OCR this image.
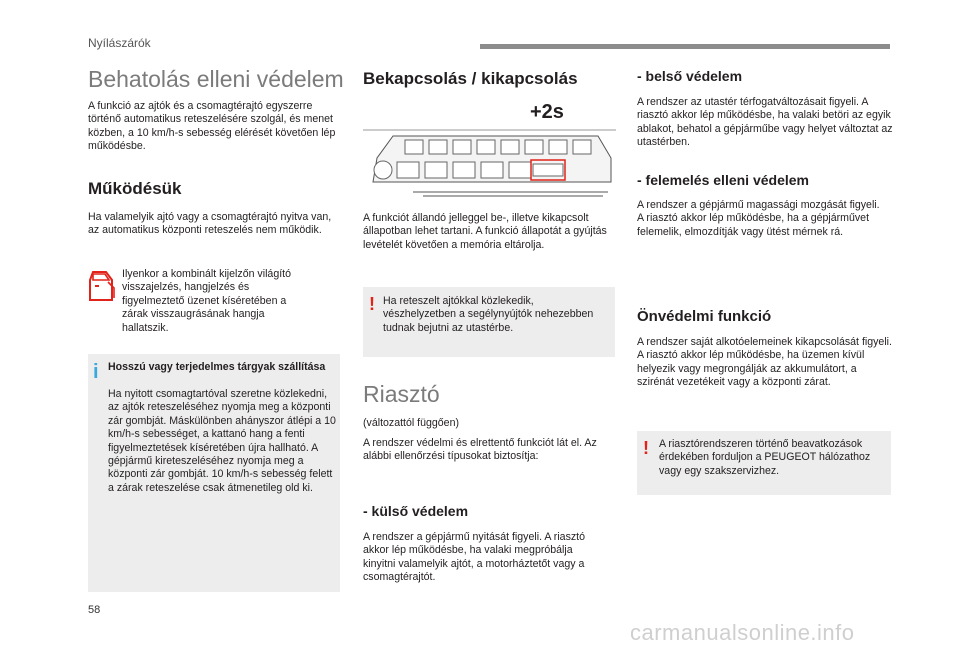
Nyílászárók
Behatolás elleni védelem

A funkció az ajtók és a csomagtérajtó egyszerre történő automatikus reteszelésére szolgál, és menet közben, a 10 km/h-s sebesség elérését követően lép működésbe.

Működésük

Ha valamelyik ajtó vagy a csomagtérajtó nyitva van, az automatikus központi reteszelés nem működik.

Ilyenkor a kombinált kijelzőn világító visszajelzés, hangjelzés és figyelmeztető üzenet kíséretében a zárak visszaugrásának hangja hallatszik.

i Hosszú vagy terjedelmes tárgyak szállítása

Ha nyitott csomagtartóval szeretne közlekedni, az ajtók reteszeléséhez nyomja meg a központi zár gombját. Máskülönben ahányszor átlépi a 10 km/h-s sebességet, a kattanó hang a fenti figyelmeztetések kíséretében újra hallható. A gépjármű kireteszeléséhez nyomja meg a központi zár gombját. 10 km/h-s sebesség felett a zárak reteszelése csak átmenetileg old ki.

Bekapcsolás / kikapcsolás
+2s

A funkciót állandó jelleggel be-, illetve kikapcsolt állapotban lehet tartani. A funkció állapotát a gyújtás levételét követően a memória eltárolja.

! Ha reteszelt ajtókkal közlekedik, vészhelyzetben a segélynyújtók nehezebben tudnak bejutni az utastérbe.

Riasztó

(változattól függően)

A rendszer védelmi és elrettentő funkciót lát el. Az alábbi ellenőrzési típusokat biztosítja:

- külső védelem

A rendszer a gépjármű nyitását figyeli. A riasztó akkor lép működésbe, ha valaki megpróbálja kinyitni valamelyik ajtót, a motorháztetőt vagy a csomagtérajtót.

- belső védelem

A rendszer az utastér térfogatváltozásait figyeli. A riasztó akkor lép működésbe, ha valaki betöri az egyik ablakot, behatol a gépjárműbe vagy helyet változtat az utastérben.

- felemelés elleni védelem

A rendszer a gépjármű magassági mozgását figyeli. A riasztó akkor lép működésbe, ha a gépjárművet felemelik, elmozdítják vagy ütést mérnek rá.

Önvédelmi funkció

A rendszer saját alkotóelemeinek kikapcsolását figyeli. A riasztó akkor lép működésbe, ha üzemen kívül helyezik vagy megrongálják az akkumulátort, a szirénát vezetékeit vagy a központi zárat.

! A riasztórendszeren történő beavatkozások érdekében forduljon a PEUGEOT hálózathoz vagy egy szakszervizhez.

58
carmanualsonline.info
